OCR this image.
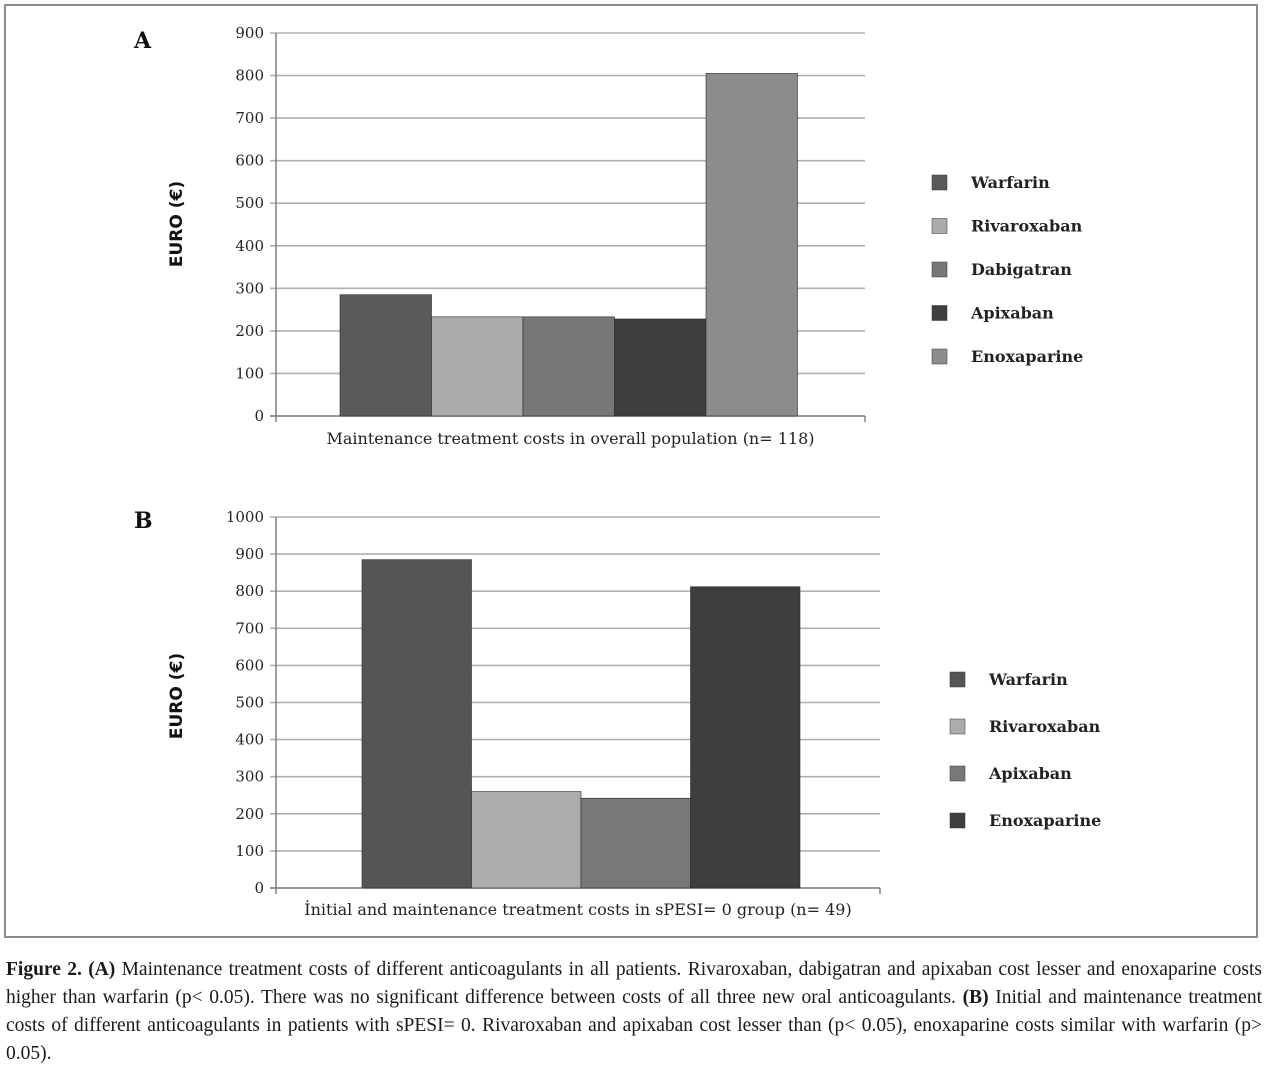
A
B
0
100
200
300
400
500
600
700
800
900
EURO (€)
Maintenance treatment costs in overall population (n= 118)
Warfarin
Rivaroxaban
Dabigatran
Apixaban
Enoxaparine
0
100
200
300
400
500
600
700
800
900
1000
EURO (€)
İnitial and maintenance treatment costs in sPESI= 0 group (n= 49)
Warfarin
Rivaroxaban
Apixaban
Enoxaparine
Figure 2. (A) Maintenance treatment costs of different anticoagulants in all patients. Rivaroxaban, dabigatran and apixaban cost lesser and enoxaparine costs higher than warfarin (p< 0.05). There was no significant difference between costs of all three new oral anticoagulants. (B) Initial and maintenance treatment costs of different anticoagulants in patients with sPESI= 0. Rivaroxaban and apixaban cost lesser than (p< 0.05), enoxaparine costs similar with warfarin (p> 0.05).
